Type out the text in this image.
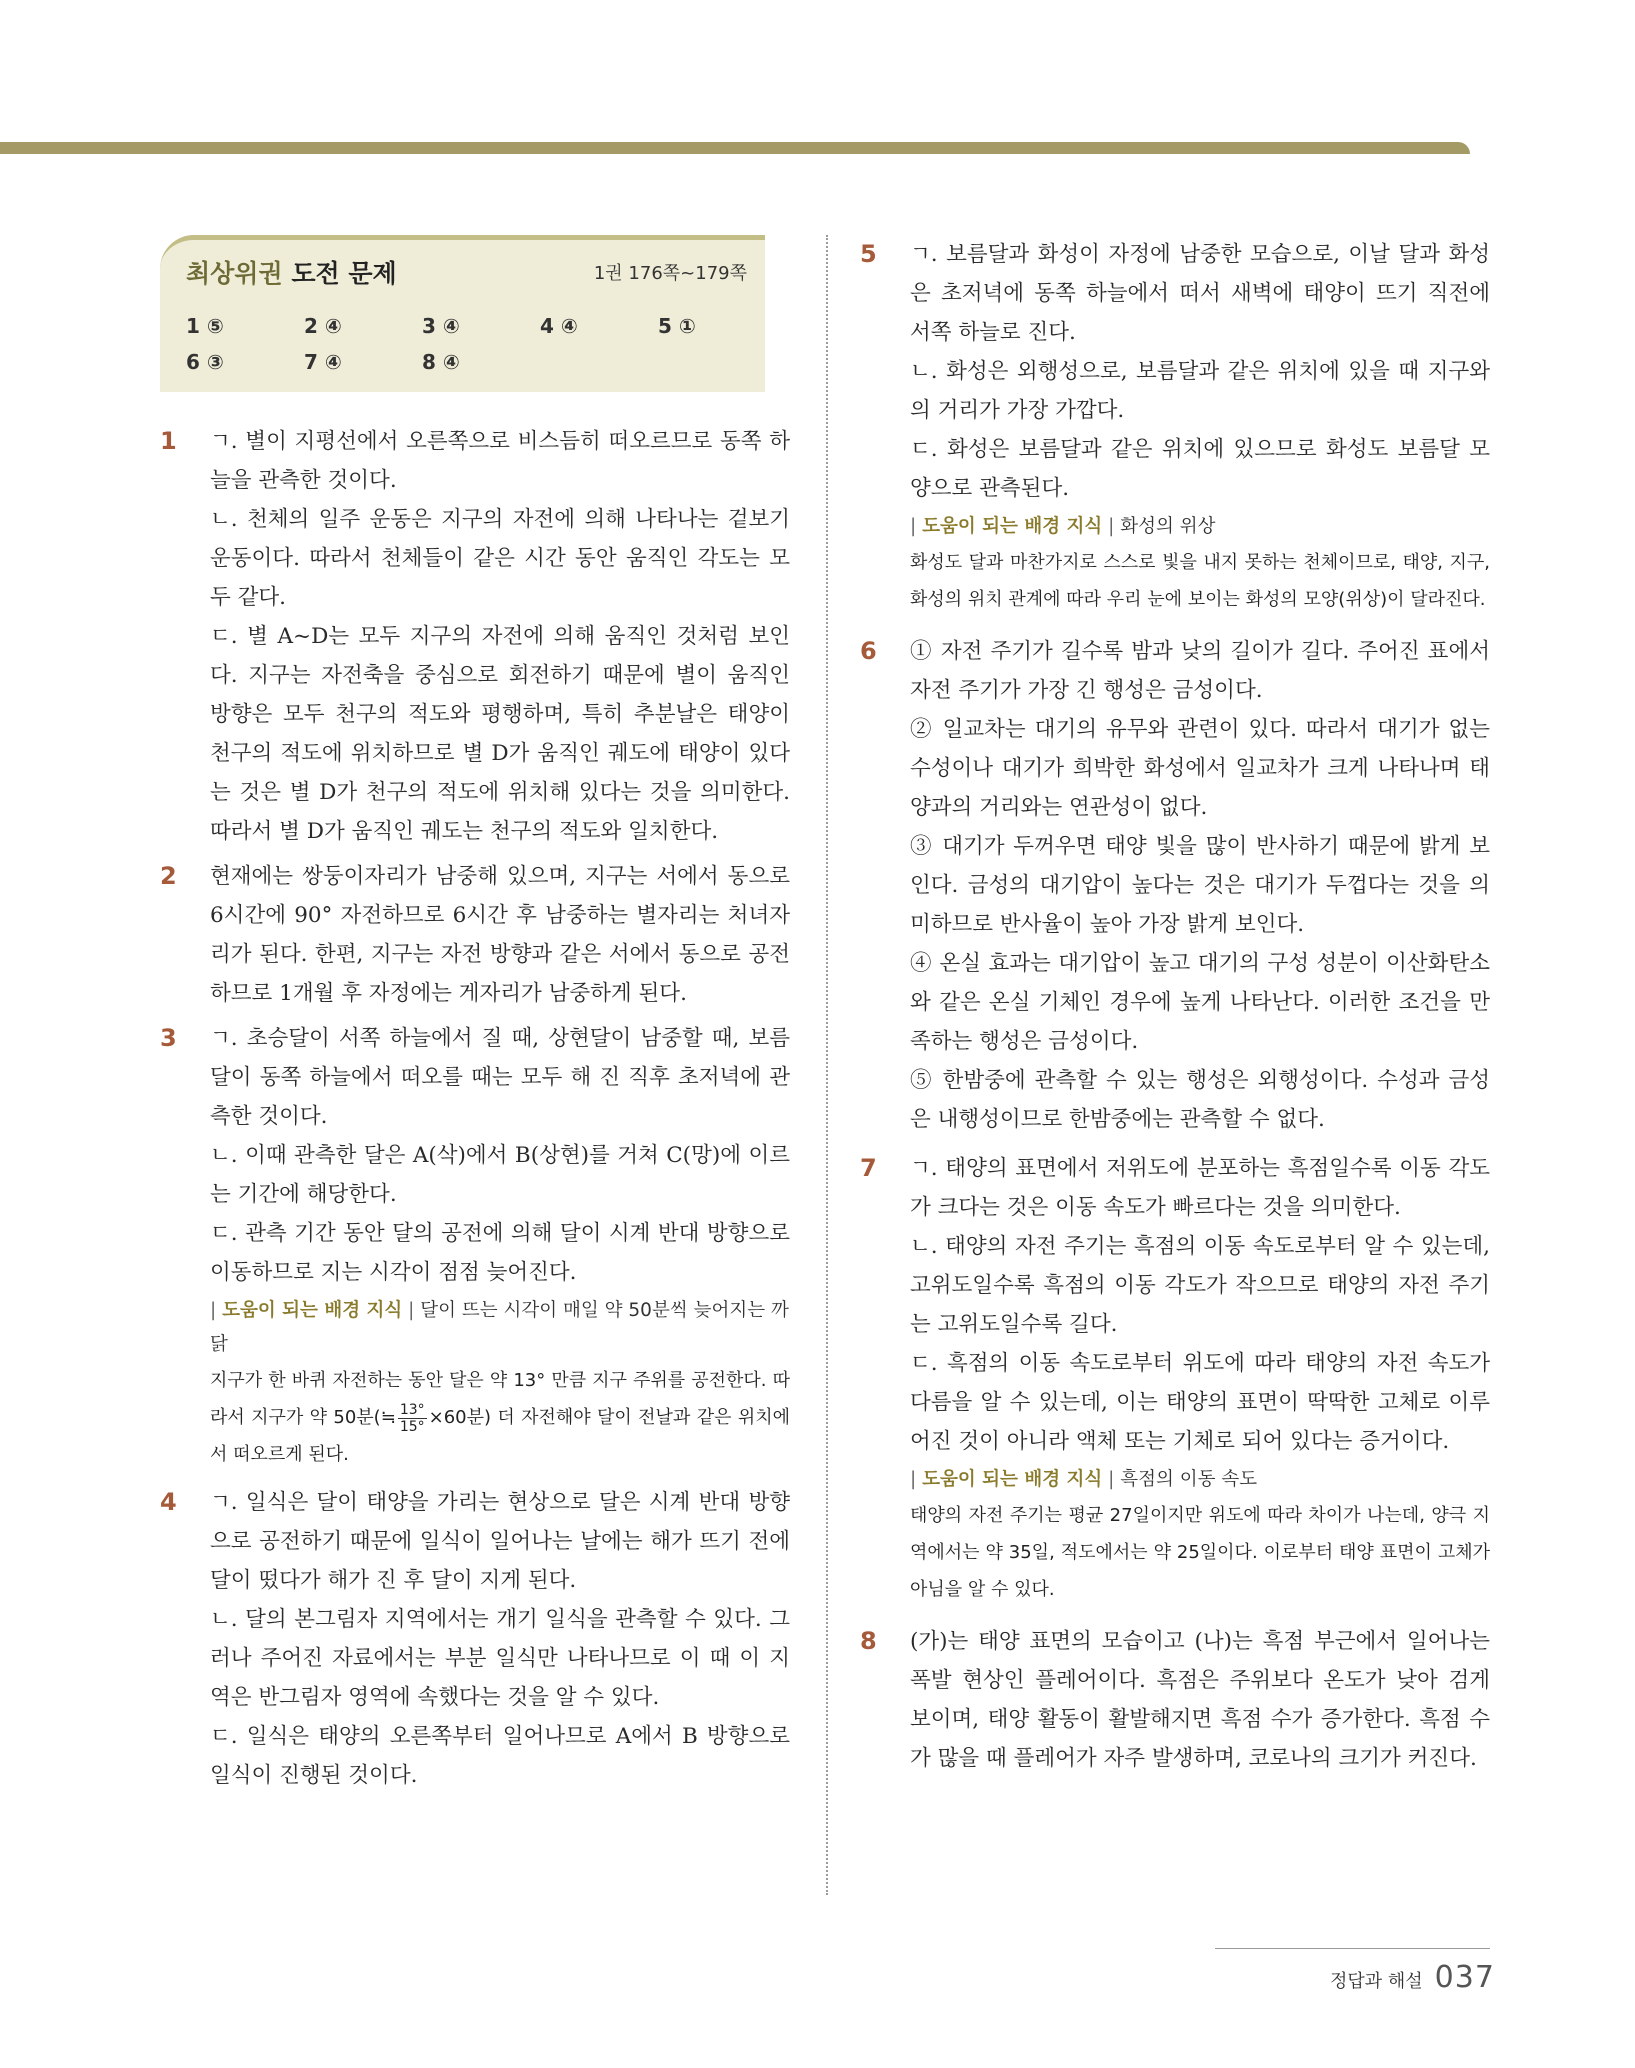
최상위권 도전 문제	1권 176쪽~179쪽
1 ⑤	2 ④	3 ④	4 ④	5 ①
6 ③	7 ④	8 ④
1 ㄱ. 별이 지평선에서 오른쪽으로 비스듬히 떠오르므로 동쪽 하늘을 관측한 것이다.

ㄴ. 천체의 일주 운동은 지구의 자전에 의해 나타나는 겉보기 운동이다. 따라서 천체들이 같은 시간 동안 움직인 각도는 모두 같다.

ㄷ. 별 A~D는 모두 지구의 자전에 의해 움직인 것처럼 보인다. 지구는 자전축을 중심으로 회전하기 때문에 별이 움직인 방향은 모두 천구의 적도와 평행하며, 특히 추분날은 태양이 천구의 적도에 위치하므로 별 D가 움직인 궤도에 태양이 있다는 것은 별 D가 천구의 적도에 위치해 있다는 것을 의미한다. 따라서 별 D가 움직인 궤도는 천구의 적도와 일치한다.

2 현재에는 쌍둥이자리가 남중해 있으며, 지구는 서에서 동으로 6시간에 90° 자전하므로 6시간 후 남중하는 별자리는 처녀자리가 된다. 한편, 지구는 자전 방향과 같은 서에서 동으로 공전하므로 1개월 후 자정에는 게자리가 남중하게 된다.

3 ㄱ. 초승달이 서쪽 하늘에서 질 때, 상현달이 남중할 때, 보름달이 동쪽 하늘에서 떠오를 때는 모두 해 진 직후 초저녁에 관측한 것이다.

ㄴ. 이때 관측한 달은 A(삭)에서 B(상현)를 거쳐 C(망)에 이르는 기간에 해당한다.

ㄷ. 관측 기간 동안 달의 공전에 의해 달이 시계 반대 방향으로 이동하므로 지는 시각이 점점 늦어진다.

| 도움이 되는 배경 지식 | 달이 뜨는 시각이 매일 약 50분씩 늦어지는 까닭

지구가 한 바퀴 자전하는 동안 달은 약 13° 만큼 지구 주위를 공전한다. 따라서 지구가 약 50분(≒ $\frac{13^\circ}{15^\circ} \times 60$분) 더 자전해야 달이 전날과 같은 위치에서 떠오르게 된다.

4 ㄱ. 일식은 달이 태양을 가리는 현상으로 달은 시계 반대 방향으로 공전하기 때문에 일식이 일어나는 날에는 해가 뜨기 전에 달이 떴다가 해가 진 후 달이 지게 된다.

ㄴ. 달의 본그림자 지역에서는 개기 일식을 관측할 수 있다. 그러나 주어진 자료에서는 부분 일식만 나타나므로 이 때 이 지역은 반그림자 영역에 속했다는 것을 알 수 있다.

ㄷ. 일식은 태양의 오른쪽부터 일어나므로 A에서 B 방향으로 일식이 진행된 것이다.

5 ㄱ. 보름달과 화성이 자정에 남중한 모습으로, 이날 달과 화성은 초저녁에 동쪽 하늘에서 떠서 새벽에 태양이 뜨기 직전에 서쪽 하늘로 진다.

ㄴ. 화성은 외행성으로, 보름달과 같은 위치에 있을 때 지구와의 거리가 가장 가깝다.

ㄷ. 화성은 보름달과 같은 위치에 있으므로 화성도 보름달 모양으로 관측된다.

| 도움이 되는 배경 지식 | 화성의 위상

화성도 달과 마찬가지로 스스로 빛을 내지 못하는 천체이므로, 태양, 지구, 화성의 위치 관계에 따라 우리 눈에 보이는 화성의 모양(위상)이 달라진다.

6 ① 자전 주기가 길수록 밤과 낮의 길이가 길다. 주어진 표에서 자전 주기가 가장 긴 행성은 금성이다.

② 일교차는 대기의 유무와 관련이 있다. 따라서 대기가 없는 수성이나 대기가 희박한 화성에서 일교차가 크게 나타나며 태양과의 거리와는 연관성이 없다.

③ 대기가 두꺼우면 태양 빛을 많이 반사하기 때문에 밝게 보인다. 금성의 대기압이 높다는 것은 대기가 두껍다는 것을 의미하므로 반사율이 높아 가장 밝게 보인다.

④ 온실 효과는 대기압이 높고 대기의 구성 성분이 이산화탄소와 같은 온실 기체인 경우에 높게 나타난다. 이러한 조건을 만족하는 행성은 금성이다.

⑤ 한밤중에 관측할 수 있는 행성은 외행성이다. 수성과 금성은 내행성이므로 한밤중에는 관측할 수 없다.

7 ㄱ. 태양의 표면에서 저위도에 분포하는 흑점일수록 이동 각도가 크다는 것은 이동 속도가 빠르다는 것을 의미한다.

ㄴ. 태양의 자전 주기는 흑점의 이동 속도로부터 알 수 있는데, 고위도일수록 흑점의 이동 각도가 작으므로 태양의 자전 주기는 고위도일수록 길다.

ㄷ. 흑점의 이동 속도로부터 위도에 따라 태양의 자전 속도가 다름을 알 수 있는데, 이는 태양의 표면이 딱딱한 고체로 이루어진 것이 아니라 액체 또는 기체로 되어 있다는 증거이다.

| 도움이 되는 배경 지식 | 흑점의 이동 속도

태양의 자전 주기는 평균 27일이지만 위도에 따라 차이가 나는데, 양극 지역에서는 약 35일, 적도에서는 약 25일이다. 이로부터 태양 표면이 고체가 아님을 알 수 있다.

8 (가)는 태양 표면의 모습이고 (나)는 흑점 부근에서 일어나는 폭발 현상인 플레어이다. 흑점은 주위보다 온도가 낮아 검게 보이며, 태양 활동이 활발해지면 흑점 수가 증가한다. 흑점 수가 많을 때 플레어가 자주 발생하며, 코로나의 크기가 커진다.

정답과 해설 037
